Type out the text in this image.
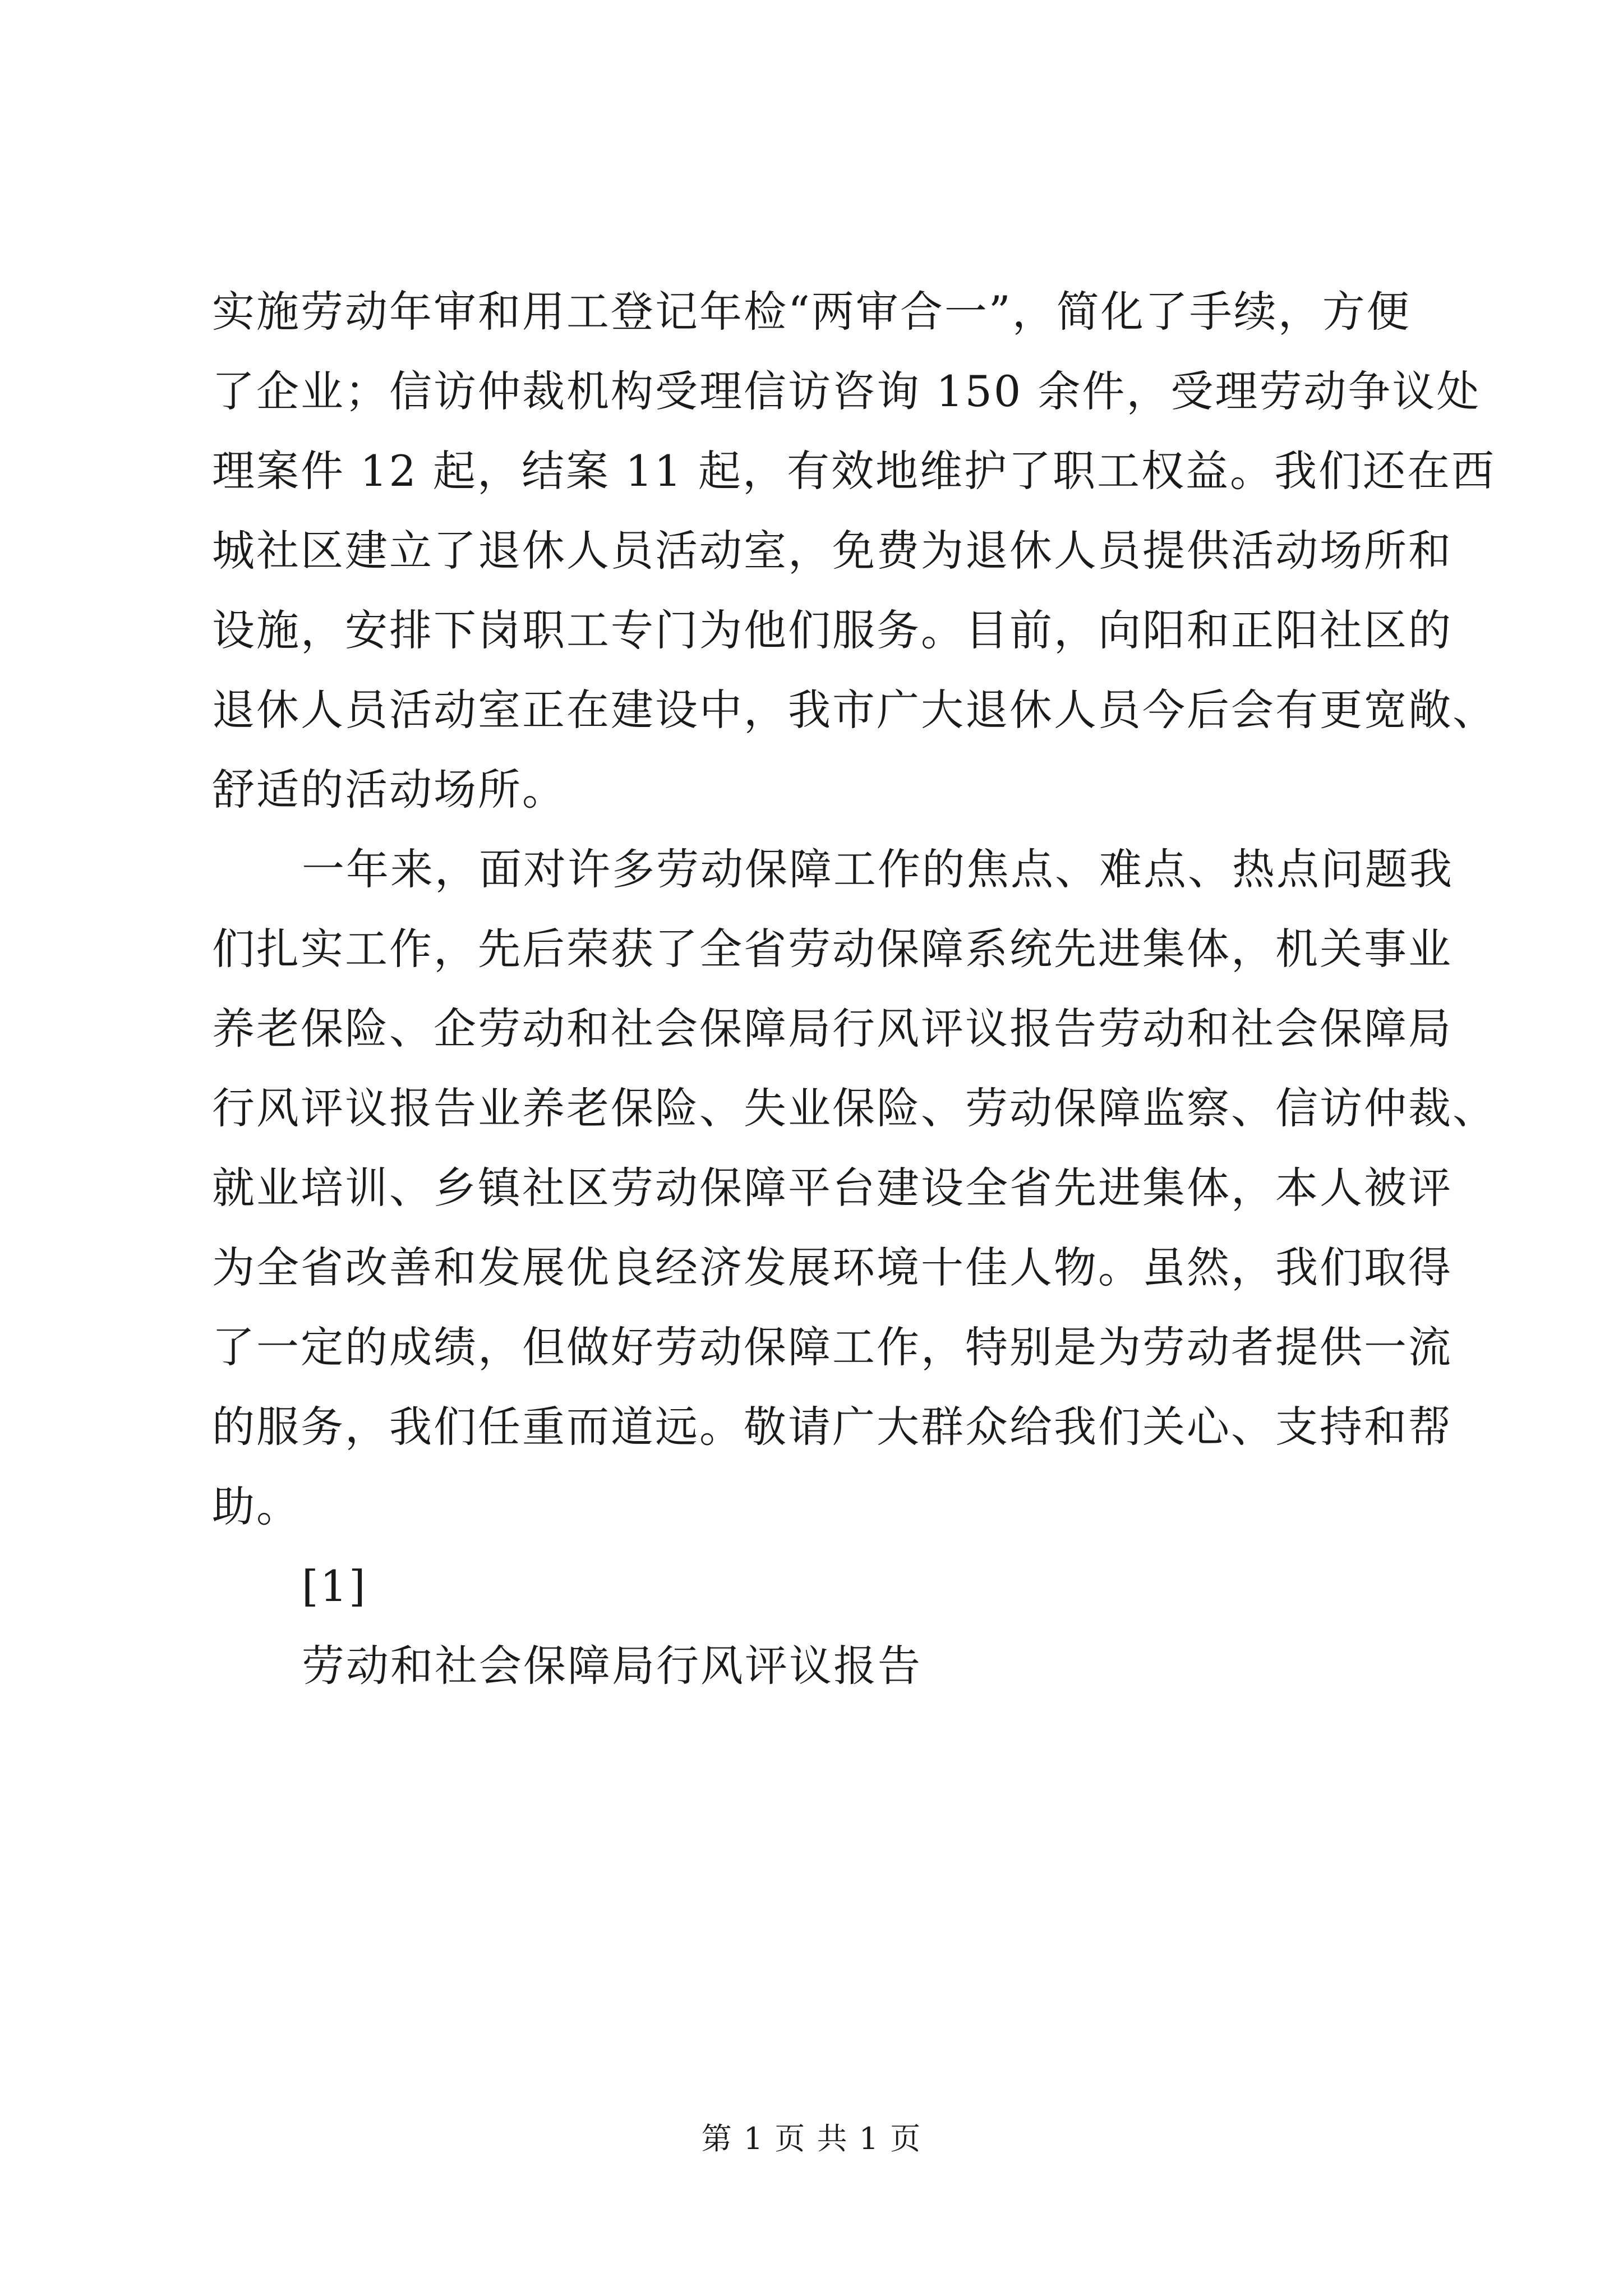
实施劳动年审和用工登记年检“两审合一”，简化了手续，方便
了企业；信访仲裁机构受理信访咨询 150 余件，受理劳动争议处
理案件 12 起，结案 11 起，有效地维护了职工权益。我们还在西
城社区建立了退休人员活动室，免费为退休人员提供活动场所和
设施，安排下岗职工专门为他们服务。目前，向阳和正阳社区的
退休人员活动室正在建设中，我市广大退休人员今后会有更宽敞、
舒适的活动场所。
一年来，面对许多劳动保障工作的焦点、难点、热点问题我
们扎实工作，先后荣获了全省劳动保障系统先进集体，机关事业
养老保险、企劳动和社会保障局行风评议报告劳动和社会保障局
行风评议报告业养老保险、失业保险、劳动保障监察、信访仲裁、
就业培训、乡镇社区劳动保障平台建设全省先进集体，本人被评
为全省改善和发展优良经济发展环境十佳人物。虽然，我们取得
了一定的成绩，但做好劳动保障工作，特别是为劳动者提供一流
的服务，我们任重而道远。敬请广大群众给我们关心、支持和帮
助。
[1]
劳动和社会保障局行风评议报告
第 1 页 共 1 页
